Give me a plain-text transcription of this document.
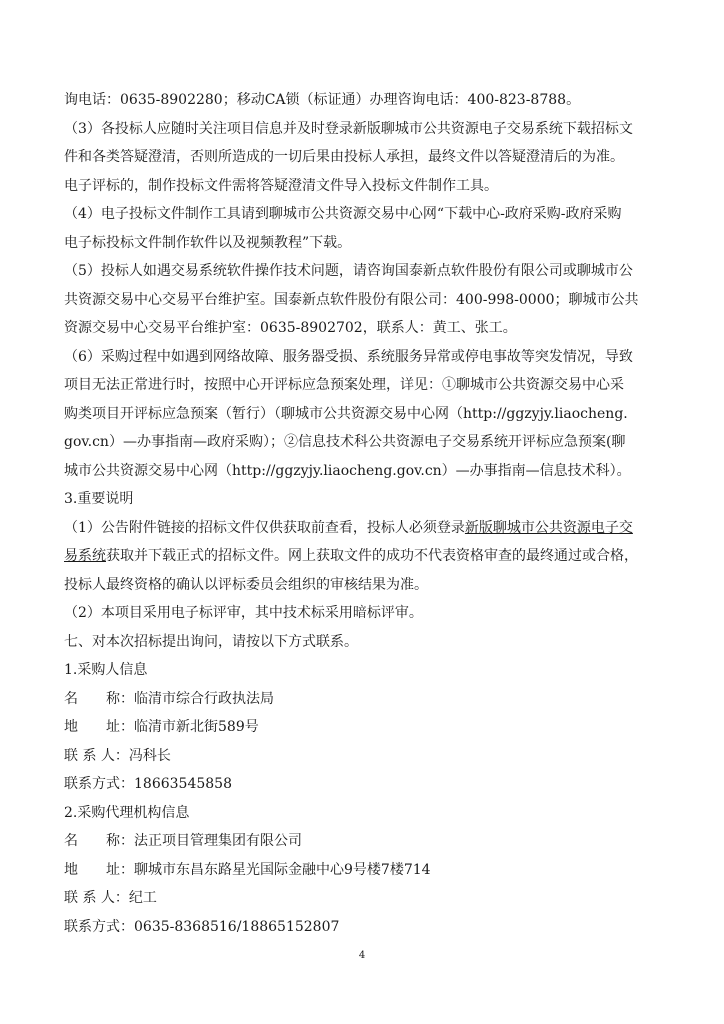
询电话：0635-8902280；移动CA锁（标证通）办理咨询电话：400-823-8788。
（3）各投标人应随时关注项目信息并及时登录新版聊城市公共资源电子交易系统下载招标文
件和各类答疑澄清，否则所造成的一切后果由投标人承担，最终文件以答疑澄清后的为准。
电子评标的，制作投标文件需将答疑澄清文件导入投标文件制作工具。
（4）电子投标文件制作工具请到聊城市公共资源交易中心网“下载中心-政府采购-政府采购
电子标投标文件制作软件以及视频教程”下载。
（5）投标人如遇交易系统软件操作技术问题，请咨询国泰新点软件股份有限公司或聊城市公
共资源交易中心交易平台维护室。国泰新点软件股份有限公司：400-998-0000；聊城市公共
资源交易中心交易平台维护室：0635-8902702，联系人：黄工、张工。
（6）采购过程中如遇到网络故障、服务器受损、系统服务异常或停电事故等突发情况，导致
项目无法正常进行时，按照中心开评标应急预案处理，详见：①聊城市公共资源交易中心采
购类项目开评标应急预案（暂行）（聊城市公共资源交易中心网（http://ggzyjy.liaocheng.
gov.cn）—办事指南—政府采购）；②信息技术科公共资源电子交易系统开评标应急预案(聊
城市公共资源交易中心网（http://ggzyjy.liaocheng.gov.cn）—办事指南—信息技术科）。
3.重要说明
（1）公告附件链接的招标文件仅供获取前查看，投标人必须登录新版聊城市公共资源电子交
易系统获取并下载正式的招标文件。网上获取文件的成功不代表资格审查的最终通过或合格，
投标人最终资格的确认以评标委员会组织的审核结果为准。
（2）本项目采用电子标评审，其中技术标采用暗标评审。
七、对本次招标提出询问，请按以下方式联系。
1.采购人信息
名　　称：临清市综合行政执法局
地　　址：临清市新北街589号
联 系 人：冯科长
联系方式：18663545858
2.采购代理机构信息
名　　称：法正项目管理集团有限公司
地　　址：聊城市东昌东路星光国际金融中心9号楼7楼714
联 系 人：纪工
联系方式：0635-8368516/18865152807
4
